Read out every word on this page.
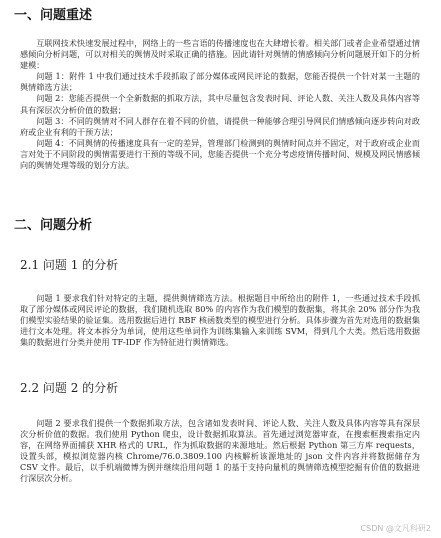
一、问题重述

互联网技术快速发展过程中，网络上的一些言语的传播速度也在大肆增长着。相关部门或者企业希望通过情感倾向分析问题，可以对相关的舆情及时采取正确的措施。因此请针对舆情的情感倾向分析问题展开如下的分析建模：

问题 1：附件 1 中我们通过技术手段抓取了部分媒体或网民评论的数据，您能否提供一个针对某一主题的舆情筛选方法；

问题 2：您能否提供一个全新数据的抓取方法，其中尽量包含发表时间、评论人数、关注人数及具体内容等具有深层次分析价值的数据；

问题 3：不同的舆情对不同人群存在着不同的价值，请提供一种能够合理引导网民们情感倾向逐步转向对政府或企业有利的干预方法；

问题 4：不同舆情的传播速度具有一定的差异，管理部门检测到的舆情时间点并不固定，对于政府或企业而言对处于不同阶段的舆情需要进行干预的等级不同，您能否提供一个充分考虑疫情传播时间、规模及网民情感倾向的舆情处理等级的划分方法。

二、问题分析
2.1 问题 1 的分析

问题 1 要求我们针对特定的主题，提供舆情筛选方法。根据题目中所给出的附件 1，一些通过技术手段抓取了部分媒体或网民评论的数据，我们随机选取 80% 的内容作为我们模型的数据集，将其余 20% 部分作为我们模型实验结果的验证集。选用数据后进行 RBF 核函数类型的模型进行分析。具体步骤为首先对选用的数据集进行文本处理。将文本拆分为单词，使用这些单词作为训练集输入来训练 SVM，得到几个大类。然后选用数据集的数据进行分类并使用 TF-IDF 作为特征进行舆情筛选。

2.2 问题 2 的分析

问题 2 要求我们提供一个数据抓取方法，包含诸如发表时间、评论人数、关注人数及具体内容等具有深层次分析价值的数据。我们使用 Python 爬虫，设计数据抓取算法。首先通过浏览器审查，在搜索框搜索指定内容，在网络界面捕获 XHR 格式的 URL，作为抓取数据的来源地址。然后根据 Python 第三方库 requests，设置头部，模拟浏览器内核 Chrome/76.0.3809.100 内核解析该源地址的 json 文件内容并将数据储存为 CSV 文件。最后，以手机端微博为例并继续沿用问题 1 的基于支持向量机的舆情筛选模型挖掘有价值的数据进行深层次分析。

CSDN @文凡科研2
